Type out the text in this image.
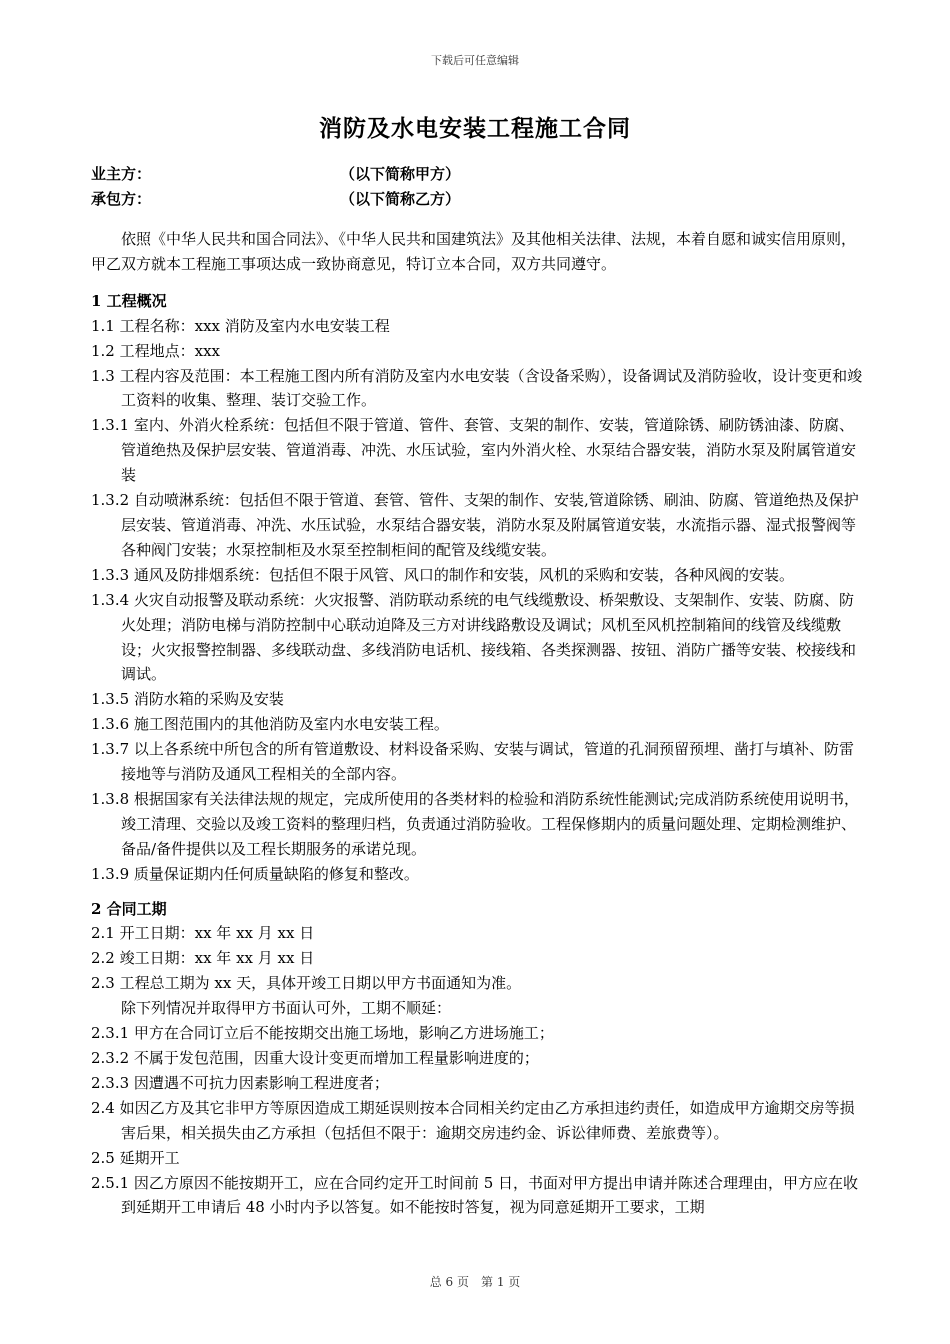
下载后可任意编辑
消防及水电安装工程施工合同
业主方：	（以下简称甲方）
承包方：	（以下简称乙方）

依照《中华人民共和国合同法》、《中华人民共和国建筑法》及其他相关法律、法规，本着自愿和诚实信用原则，甲乙双方就本工程施工事项达成一致协商意见，特订立本合同，双方共同遵守。

1 工程概况

1.1 工程名称：xxx 消防及室内水电安装工程

1.2 工程地点：xxx

1.3 工程内容及范围：本工程施工图内所有消防及室内水电安装（含设备采购），设备调试及消防验收，设计变更和竣工资料的收集、整理、装订交验工作。

1.3.1 室内、外消火栓系统：包括但不限于管道、管件、套管、支架的制作、安装，管道除锈、刷防锈油漆、防腐、管道绝热及保护层安装、管道消毒、冲洗、水压试验，室内外消火栓、水泵结合器安装，消防水泵及附属管道安装

1.3.2 自动喷淋系统：包括但不限于管道、套管、管件、支架的制作、安装,管道除锈、刷油、防腐、管道绝热及保护层安装、管道消毒、冲洗、水压试验，水泵结合器安装，消防水泵及附属管道安装，水流指示器、湿式报警阀等各种阀门安装；水泵控制柜及水泵至控制柜间的配管及线缆安装。

1.3.3 通风及防排烟系统：包括但不限于风管、风口的制作和安装，风机的采购和安装，各种风阀的安装。

1.3.4 火灾自动报警及联动系统：火灾报警、消防联动系统的电气线缆敷设、桥架敷设、支架制作、安装、防腐、防火处理；消防电梯与消防控制中心联动迫降及三方对讲线路敷设及调试；风机至风机控制箱间的线管及线缆敷设；火灾报警控制器、多线联动盘、多线消防电话机、接线箱、各类探测器、按钮、消防广播等安装、校接线和调试。

1.3.5 消防水箱的采购及安装

1.3.6 施工图范围内的其他消防及室内水电安装工程。

1.3.7 以上各系统中所包含的所有管道敷设、材料设备采购、安装与调试，管道的孔洞预留预埋、凿打与填补、防雷接地等与消防及通风工程相关的全部内容。

1.3.8 根据国家有关法律法规的规定，完成所使用的各类材料的检验和消防系统性能测试;完成消防系统使用说明书，竣工清理、交验以及竣工资料的整理归档，负责通过消防验收。工程保修期内的质量问题处理、定期检测维护、备品/备件提供以及工程长期服务的承诺兑现。

1.3.9 质量保证期内任何质量缺陷的修复和整改。

2 合同工期

2.1 开工日期：xx 年 xx 月 xx 日

2.2 竣工日期：xx 年 xx 月 xx 日

2.3 工程总工期为 xx 天，具体开竣工日期以甲方书面通知为准。

除下列情况并取得甲方书面认可外，工期不顺延：

2.3.1 甲方在合同订立后不能按期交出施工场地，影响乙方进场施工；

2.3.2 不属于发包范围，因重大设计变更而增加工程量影响进度的；

2.3.3 因遭遇不可抗力因素影响工程进度者；

2.4 如因乙方及其它非甲方等原因造成工期延误则按本合同相关约定由乙方承担违约责任，如造成甲方逾期交房等损害后果，相关损失由乙方承担（包括但不限于：逾期交房违约金、诉讼律师费、差旅费等）。

2.5 延期开工

2.5.1 因乙方原因不能按期开工，应在合同约定开工时间前 5 日，书面对甲方提出申请并陈述合理理由，甲方应在收到延期开工申请后 48 小时内予以答复。如不能按时答复，视为同意延期开工要求，工期

总 6 页　第 1 页
